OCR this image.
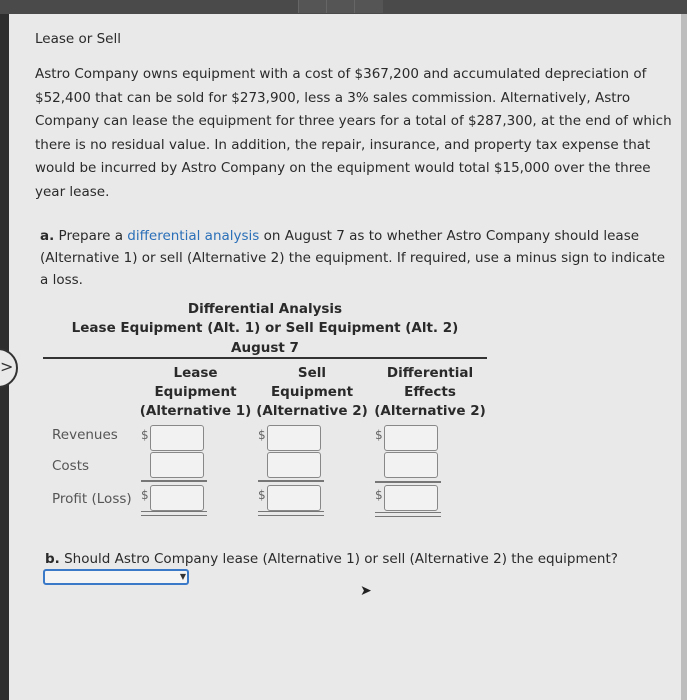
>
Lease or Sell
Astro Company owns equipment with a cost of $367,200 and accumulated depreciation of $52,400 that can be sold for $273,900, less a 3% sales commission. Alternatively, Astro Company can lease the equipment for three years for a total of $287,300, at the end of which there is no residual value. In addition, the repair, insurance, and property tax expense that would be incurred by Astro Company on the equipment would total $15,000 over the three year lease.
a. Prepare a differential analysis on August 7 as to whether Astro Company should lease (Alternative 1) or sell (Alternative 2) the equipment. If required, use a minus sign to indicate a loss.
Differential Analysis
Lease Equipment (Alt. 1) or Sell Equipment (Alt. 2)
August 7
Lease
Equipment
(Alternative 1)
Sell
Equipment
(Alternative 2)
Differential
Effects
(Alternative 2)
Revenues
Costs
Profit (Loss)
$
$
$
$
$
$
b. Should Astro Company lease (Alternative 1) or sell (Alternative 2) the equipment?
▼
➤
